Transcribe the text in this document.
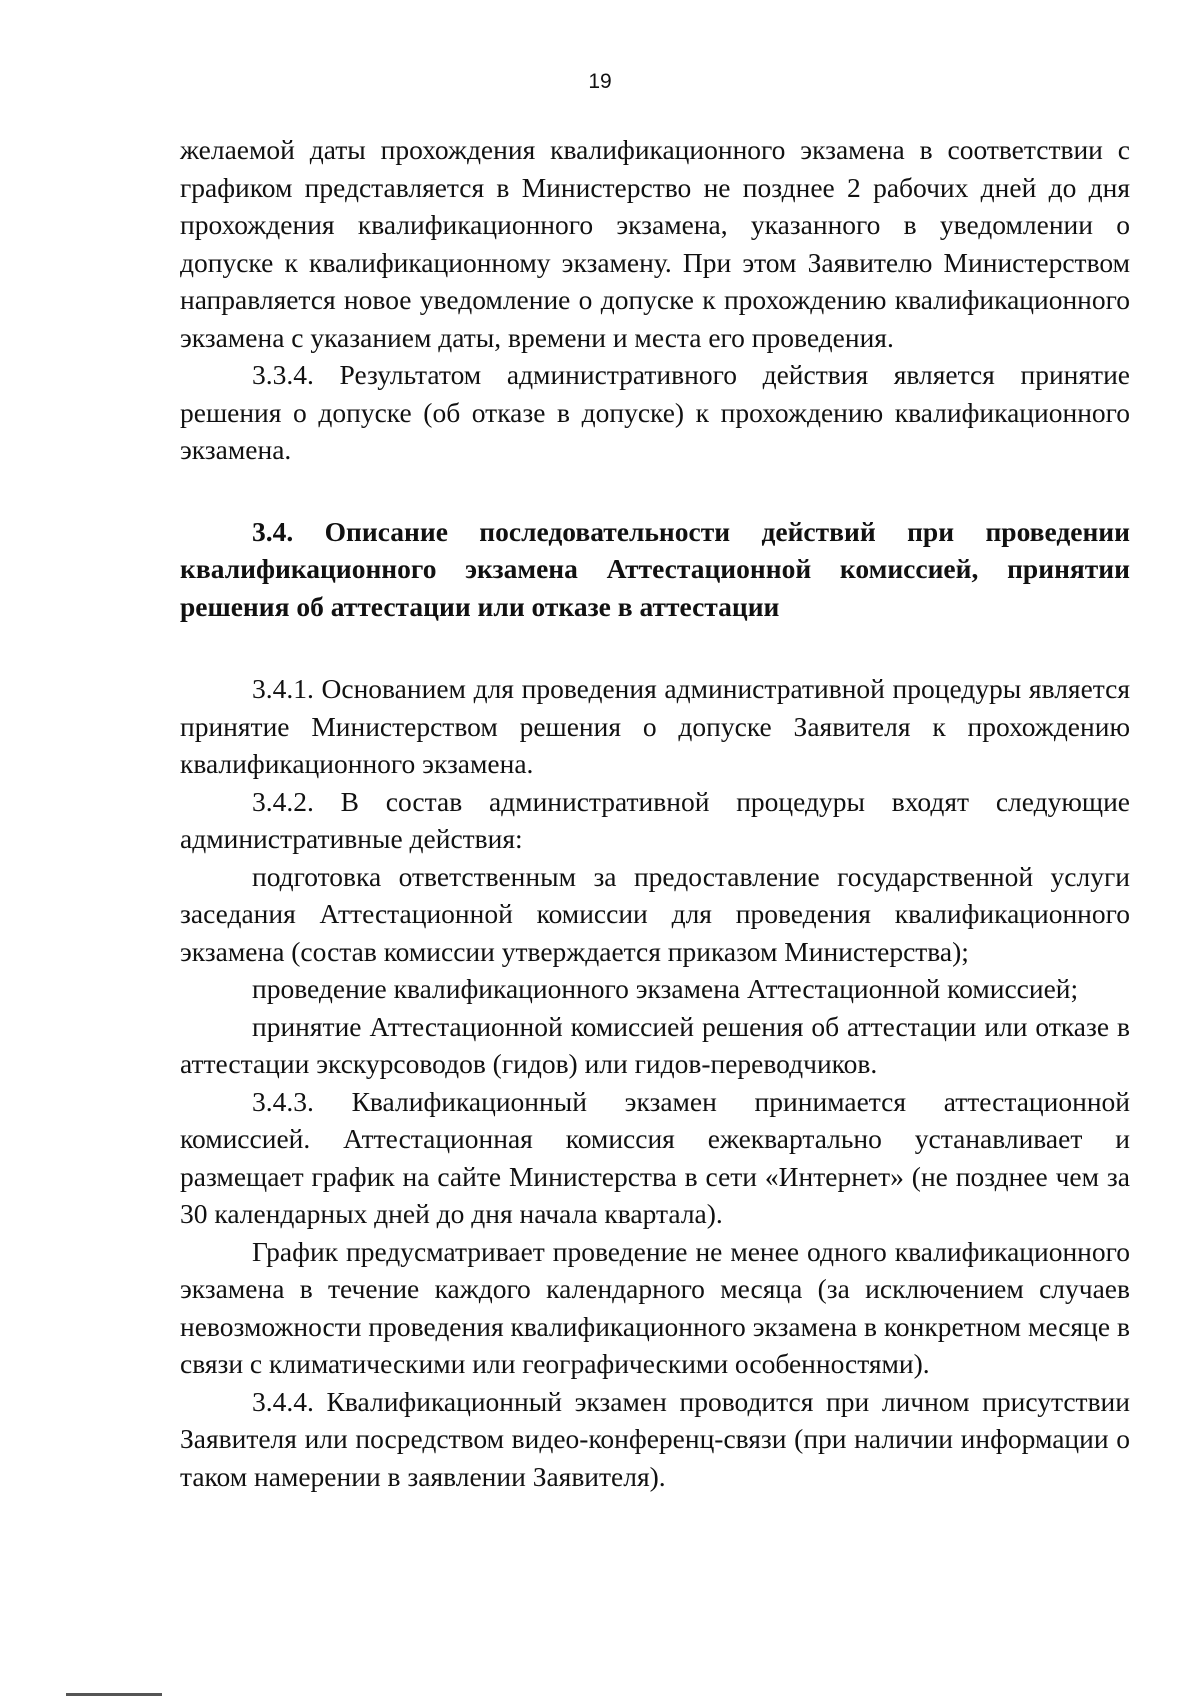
19

желаемой даты прохождения квалификационного экзамена в соответствии с графиком представляется в Министерство не позднее 2 рабочих дней до дня прохождения квалификационного экзамена, указанного в уведомлении о допуске к квалификационному экзамену. При этом Заявителю Министерством направляется новое уведомление о допуске к прохождению квалификационного экзамена с указанием даты, времени и места его проведения.

3.3.4. Результатом административного действия является принятие решения о допуске (об отказе в допуске) к прохождению квалификационного экзамена.

3.4. Описание последовательности действий при проведении квалификационного экзамена Аттестационной комиссией, принятии решения об аттестации или отказе в аттестации

3.4.1. Основанием для проведения административной процедуры является принятие Министерством решения о допуске Заявителя к прохождению квалификационного экзамена.

3.4.2. В состав административной процедуры входят следующие административные действия:

подготовка ответственным за предоставление государственной услуги заседания Аттестационной комиссии для проведения квалификационного экзамена (состав комиссии утверждается приказом Министерства);

проведение квалификационного экзамена Аттестационной комиссией;

принятие Аттестационной комиссией решения об аттестации или отказе в аттестации экскурсоводов (гидов) или гидов-переводчиков.

3.4.3. Квалификационный экзамен принимается аттестационной комиссией. Аттестационная комиссия ежеквартально устанавливает и размещает график на сайте Министерства в сети «Интернет» (не позднее чем за 30 календарных дней до дня начала квартала).

График предусматривает проведение не менее одного квалификационного экзамена в течение каждого календарного месяца (за исключением случаев невозможности проведения квалификационного экзамена в конкретном месяце в связи с климатическими или географическими особенностями).

3.4.4. Квалификационный экзамен проводится при личном присутствии Заявителя или посредством видео-конференц-связи (при наличии информации о таком намерении в заявлении Заявителя).
